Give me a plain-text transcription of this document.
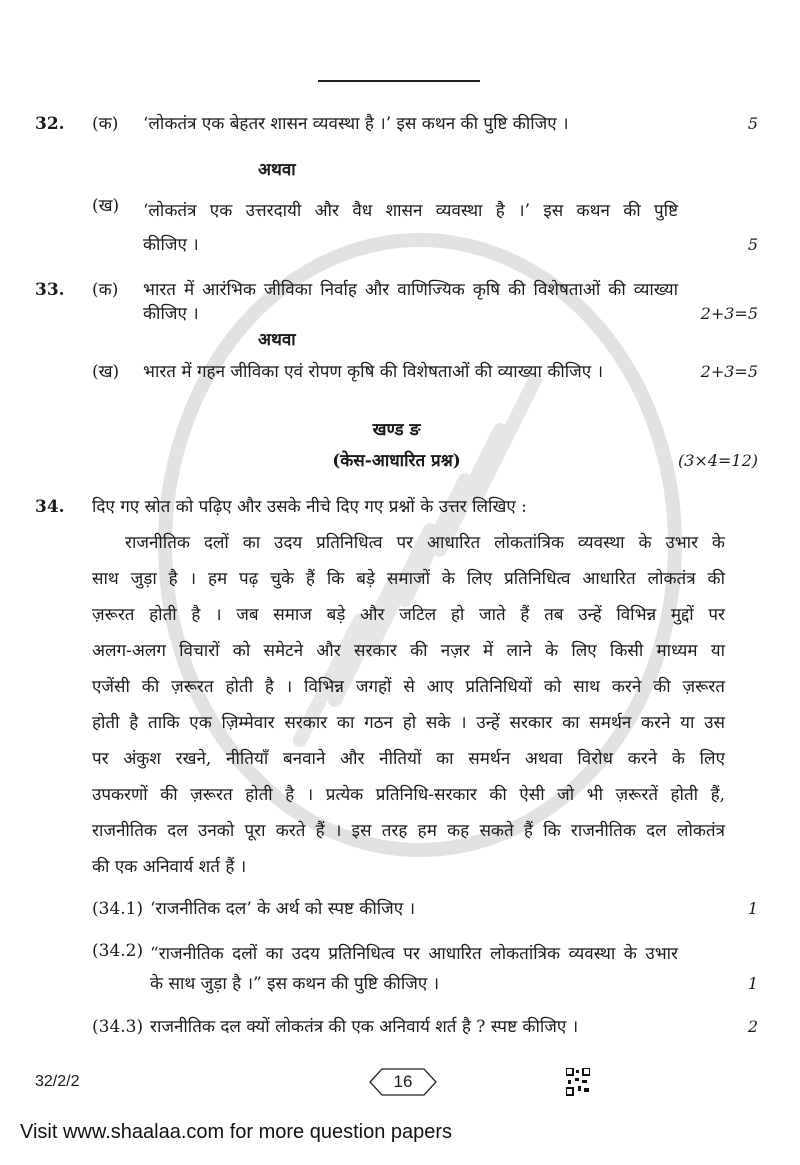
32.	(क)	‘लोकतंत्र एक बेहतर शासन व्यवस्था है ।’ इस कथन की पुष्टि कीजिए ।	5
अथवा
(ख)	‘लोकतंत्र एक उत्तरदायी और वैध शासन व्यवस्था है ।’ इस कथन की पुष्टि
कीजिए ।	5
33.	(क)	भारत में आरंभिक जीविका निर्वाह और वाणिज्यिक कृषि की विशेषताओं की व्याख्या
कीजिए ।	2+3=5
अथवा
(ख)	भारत में गहन जीविका एवं रोपण कृषि की विशेषताओं की व्याख्या कीजिए ।	2+3=5
खण्ड ङ
(केस-आधारित प्रश्न)	(3×4=12)
34.	दिए गए स्रोत को पढ़िए और उसके नीचे दिए गए प्रश्नों के उत्तर लिखिए :
राजनीतिक दलों का उदय प्रतिनिधित्व पर आधारित लोकतांत्रिक व्यवस्था के उभार के
साथ जुड़ा है । हम पढ़ चुके हैं कि बड़े समाजों के लिए प्रतिनिधित्व आधारित लोकतंत्र की
ज़रूरत होती है । जब समाज बड़े और जटिल हो जाते हैं तब उन्हें विभिन्न मुद्दों पर
अलग-अलग विचारों को समेटने और सरकार की नज़र में लाने के लिए किसी माध्यम या
एजेंसी की ज़रूरत होती है । विभिन्न जगहों से आए प्रतिनिधियों को साथ करने की ज़रूरत
होती है ताकि एक ज़िम्मेवार सरकार का गठन हो सके । उन्हें सरकार का समर्थन करने या उस
पर अंकुश रखने, नीतियाँ बनवाने और नीतियों का समर्थन अथवा विरोध करने के लिए
उपकरणों की ज़रूरत होती है । प्रत्येक प्रतिनिधि-सरकार की ऐसी जो भी ज़रूरतें होती हैं,
राजनीतिक दल उनको पूरा करते हैं । इस तरह हम कह सकते हैं कि राजनीतिक दल लोकतंत्र
की एक अनिवार्य शर्त हैं ।
(34.1) ‘राजनीतिक दल’ के अर्थ को स्पष्ट कीजिए ।	1
(34.2) “राजनीतिक दलों का उदय प्रतिनिधित्व पर आधारित लोकतांत्रिक व्यवस्था के उभार
के साथ जुड़ा है ।” इस कथन की पुष्टि कीजिए ।	1
(34.3) राजनीतिक दल क्यों लोकतंत्र की एक अनिवार्य शर्त है ? स्पष्ट कीजिए ।	2
32/2/2	16
Visit www.shaalaa.com for more question papers
